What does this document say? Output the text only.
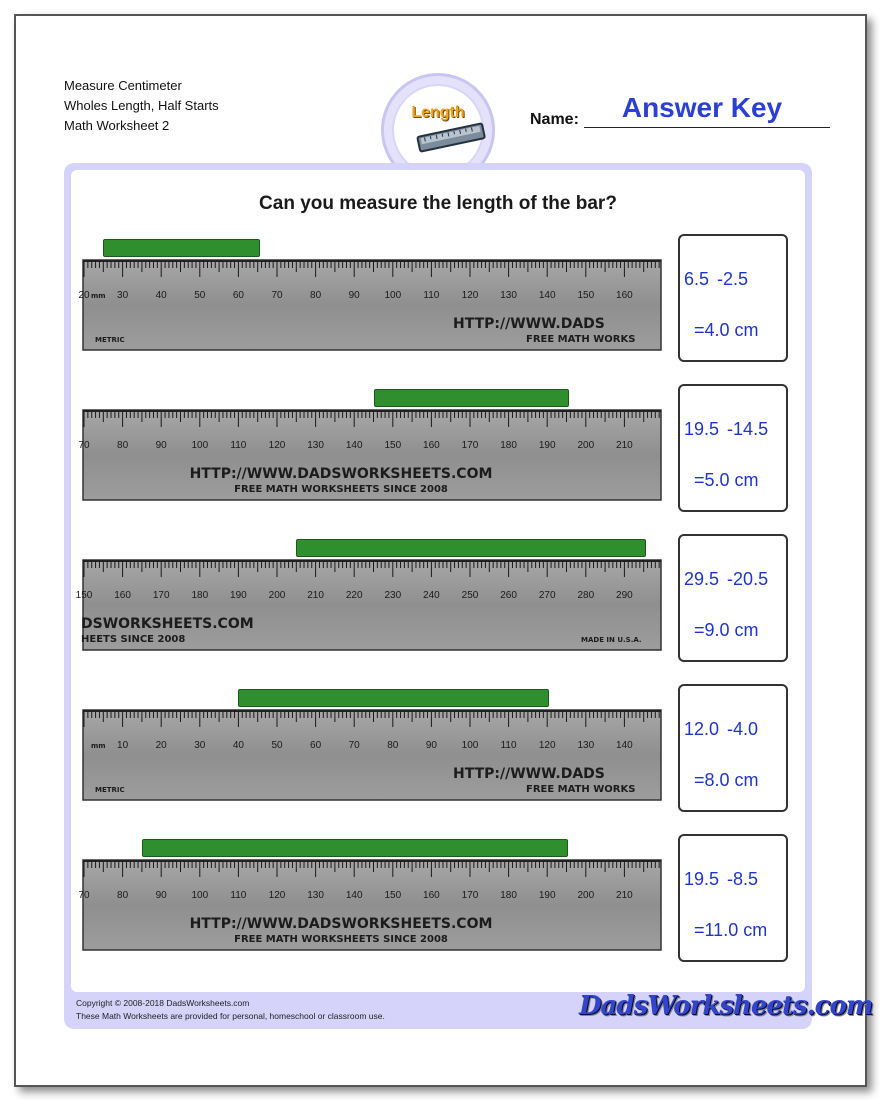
Measure Centimeter
Wholes Length, Half Starts
Math Worksheet 2
Length	Name:	Answer Key
Can you measure the length of the bar?
20	30	40	50	60	70	80	90 100 110 120 130 140 150 160
mm
METRIC
HTTP://WWW.DADS
FREE MATH WORKS
6.5 -2.5
=4.0 cm
70	80	90 100 110 120 130 140 150 160 170 180 190 200 210
HTTP://WWW.DADSWORKSHEETS.COM
FREE MATH WORKSHEETS SINCE 2008
19.5 -14.5
=5.0 cm
150 160 170 180 190 200 210 220 230 240 250 260 270 280 290
DSWORKSHEETS.COM
HEETS SINCE 2008	MADE IN U.S.A.
29.5 -20.5
=9.0 cm
10	20	30	40	50	60	70	80	90 100 110 120 130 140
mm
METRIC
HTTP://WWW.DADS
FREE MATH WORKS
12.0 -4.0
=8.0 cm
70	80	90 100 110 120 130 140 150 160 170 180 190 200 210
HTTP://WWW.DADSWORKSHEETS.COM
FREE MATH WORKSHEETS SINCE 2008
19.5 -8.5
=11.0 cm
Copyright © 2008-2018 DadsWorksheets.com
These Math Worksheets are provided for personal, homeschool or classroom use.	DadsWorksheets.com
